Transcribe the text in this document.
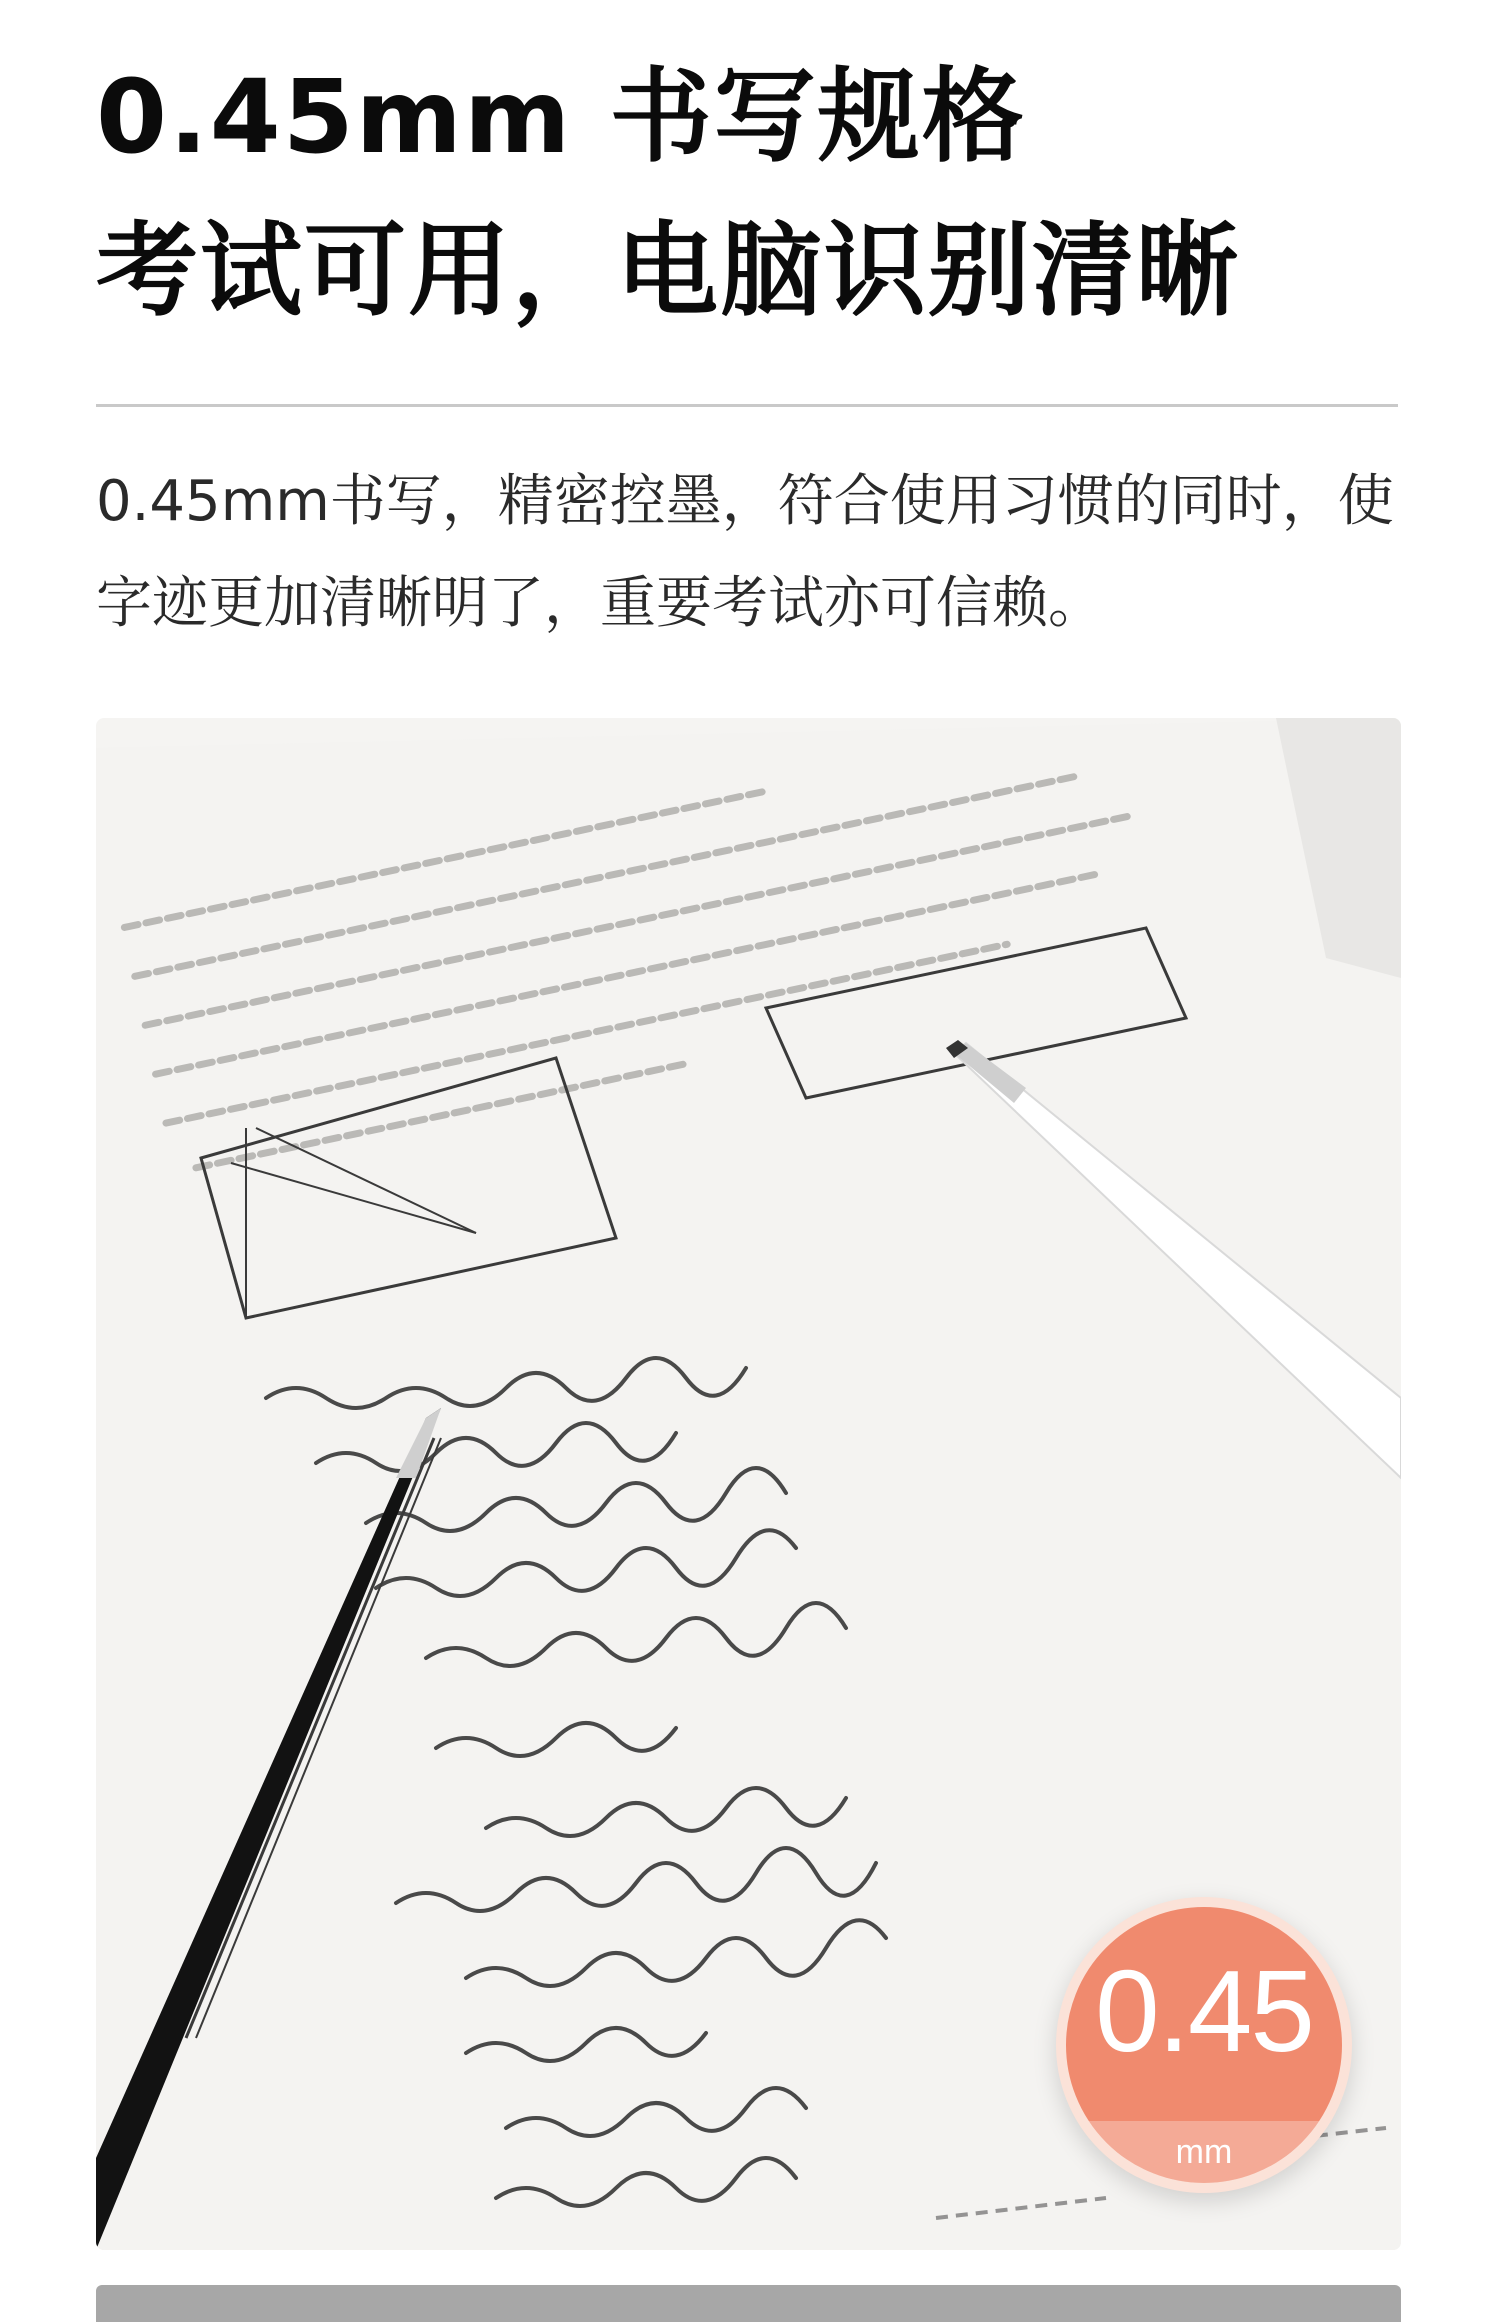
0.45mm 书写规格
考试可用，电脑识别清晰

0.45mm书写，精密控墨，符合使用习惯的同时，使

字迹更加清晰明了，重要考试亦可信赖。

0.45
mm
